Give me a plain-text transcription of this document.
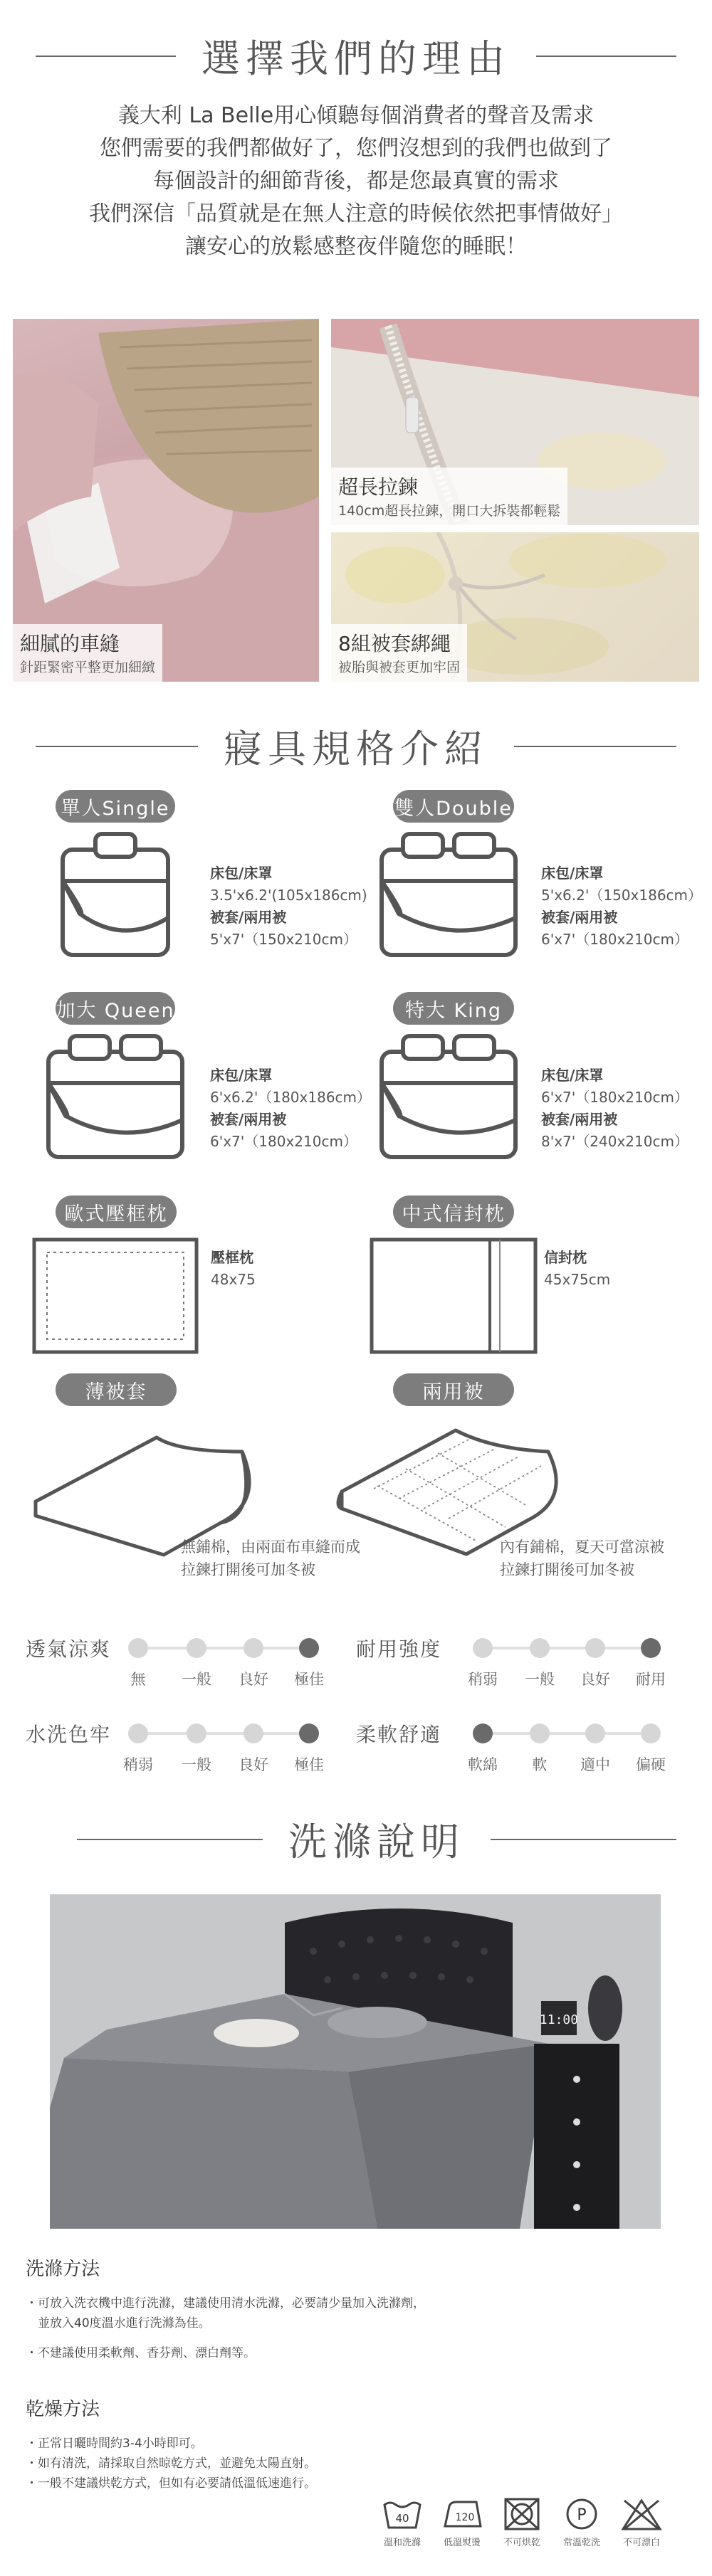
選擇我們的理由

義大利 La Belle用心傾聽每個消費者的聲音及需求

您們需要的我們都做好了，您們沒想到的我們也做到了

每個設計的細節背後，都是您最真實的需求

我們深信「品質就是在無人注意的時候依然把事情做好」

讓安心的放鬆感整夜伴隨您的睡眠！

細膩的車縫
針距緊密平整更加細緻
超長拉鍊
140cm超長拉鍊，開口大拆裝都輕鬆
8組被套綁繩
被胎與被套更加牢固
寢具規格介紹
單人Single	雙人Double
加大 Queen	特大 King
床包/床罩
3.5'x6.2'(105x186cm)
被套/兩用被
5'x7'（150x210cm）
床包/床罩
5'x6.2'（150x186cm）
被套/兩用被
6'x7'（180x210cm）
床包/床罩
6'x6.2'（180x186cm）
被套/兩用被
6'x7'（180x210cm）
床包/床罩
6'x7'（180x210cm）
被套/兩用被
8'x7'（240x210cm）
歐式壓框枕	中式信封枕
壓框枕
48x75
信封枕
45x75cm
薄被套	兩用被
無鋪棉，由兩面布車縫而成
拉鍊打開後可加冬被
內有鋪棉，夏天可當涼被
拉鍊打開後可加冬被
透氣涼爽
無	一般	良好	極佳
耐用強度
稍弱	一般	良好	耐用
水洗色牢
稍弱	一般	良好	極佳
柔軟舒適
軟綿	軟	適中	偏硬
洗滌說明
11:00
洗滌方法

・可放入洗衣機中進行洗滌，建議使用清水洗滌，必要請少量加入洗滌劑，

　並放入40度溫水進行洗滌為佳。

・不建議使用柔軟劑、香芬劑、漂白劑等。

乾燥方法

・正常日曬時間約3-4小時即可。

・如有清洗，請採取自然晾乾方式，並避免太陽直射。

・一般不建議烘乾方式，但如有必要請低溫低速進行。

40
溫和洗滌
120
低溫熨燙	不可烘乾
P
常溫乾洗	不可漂白
